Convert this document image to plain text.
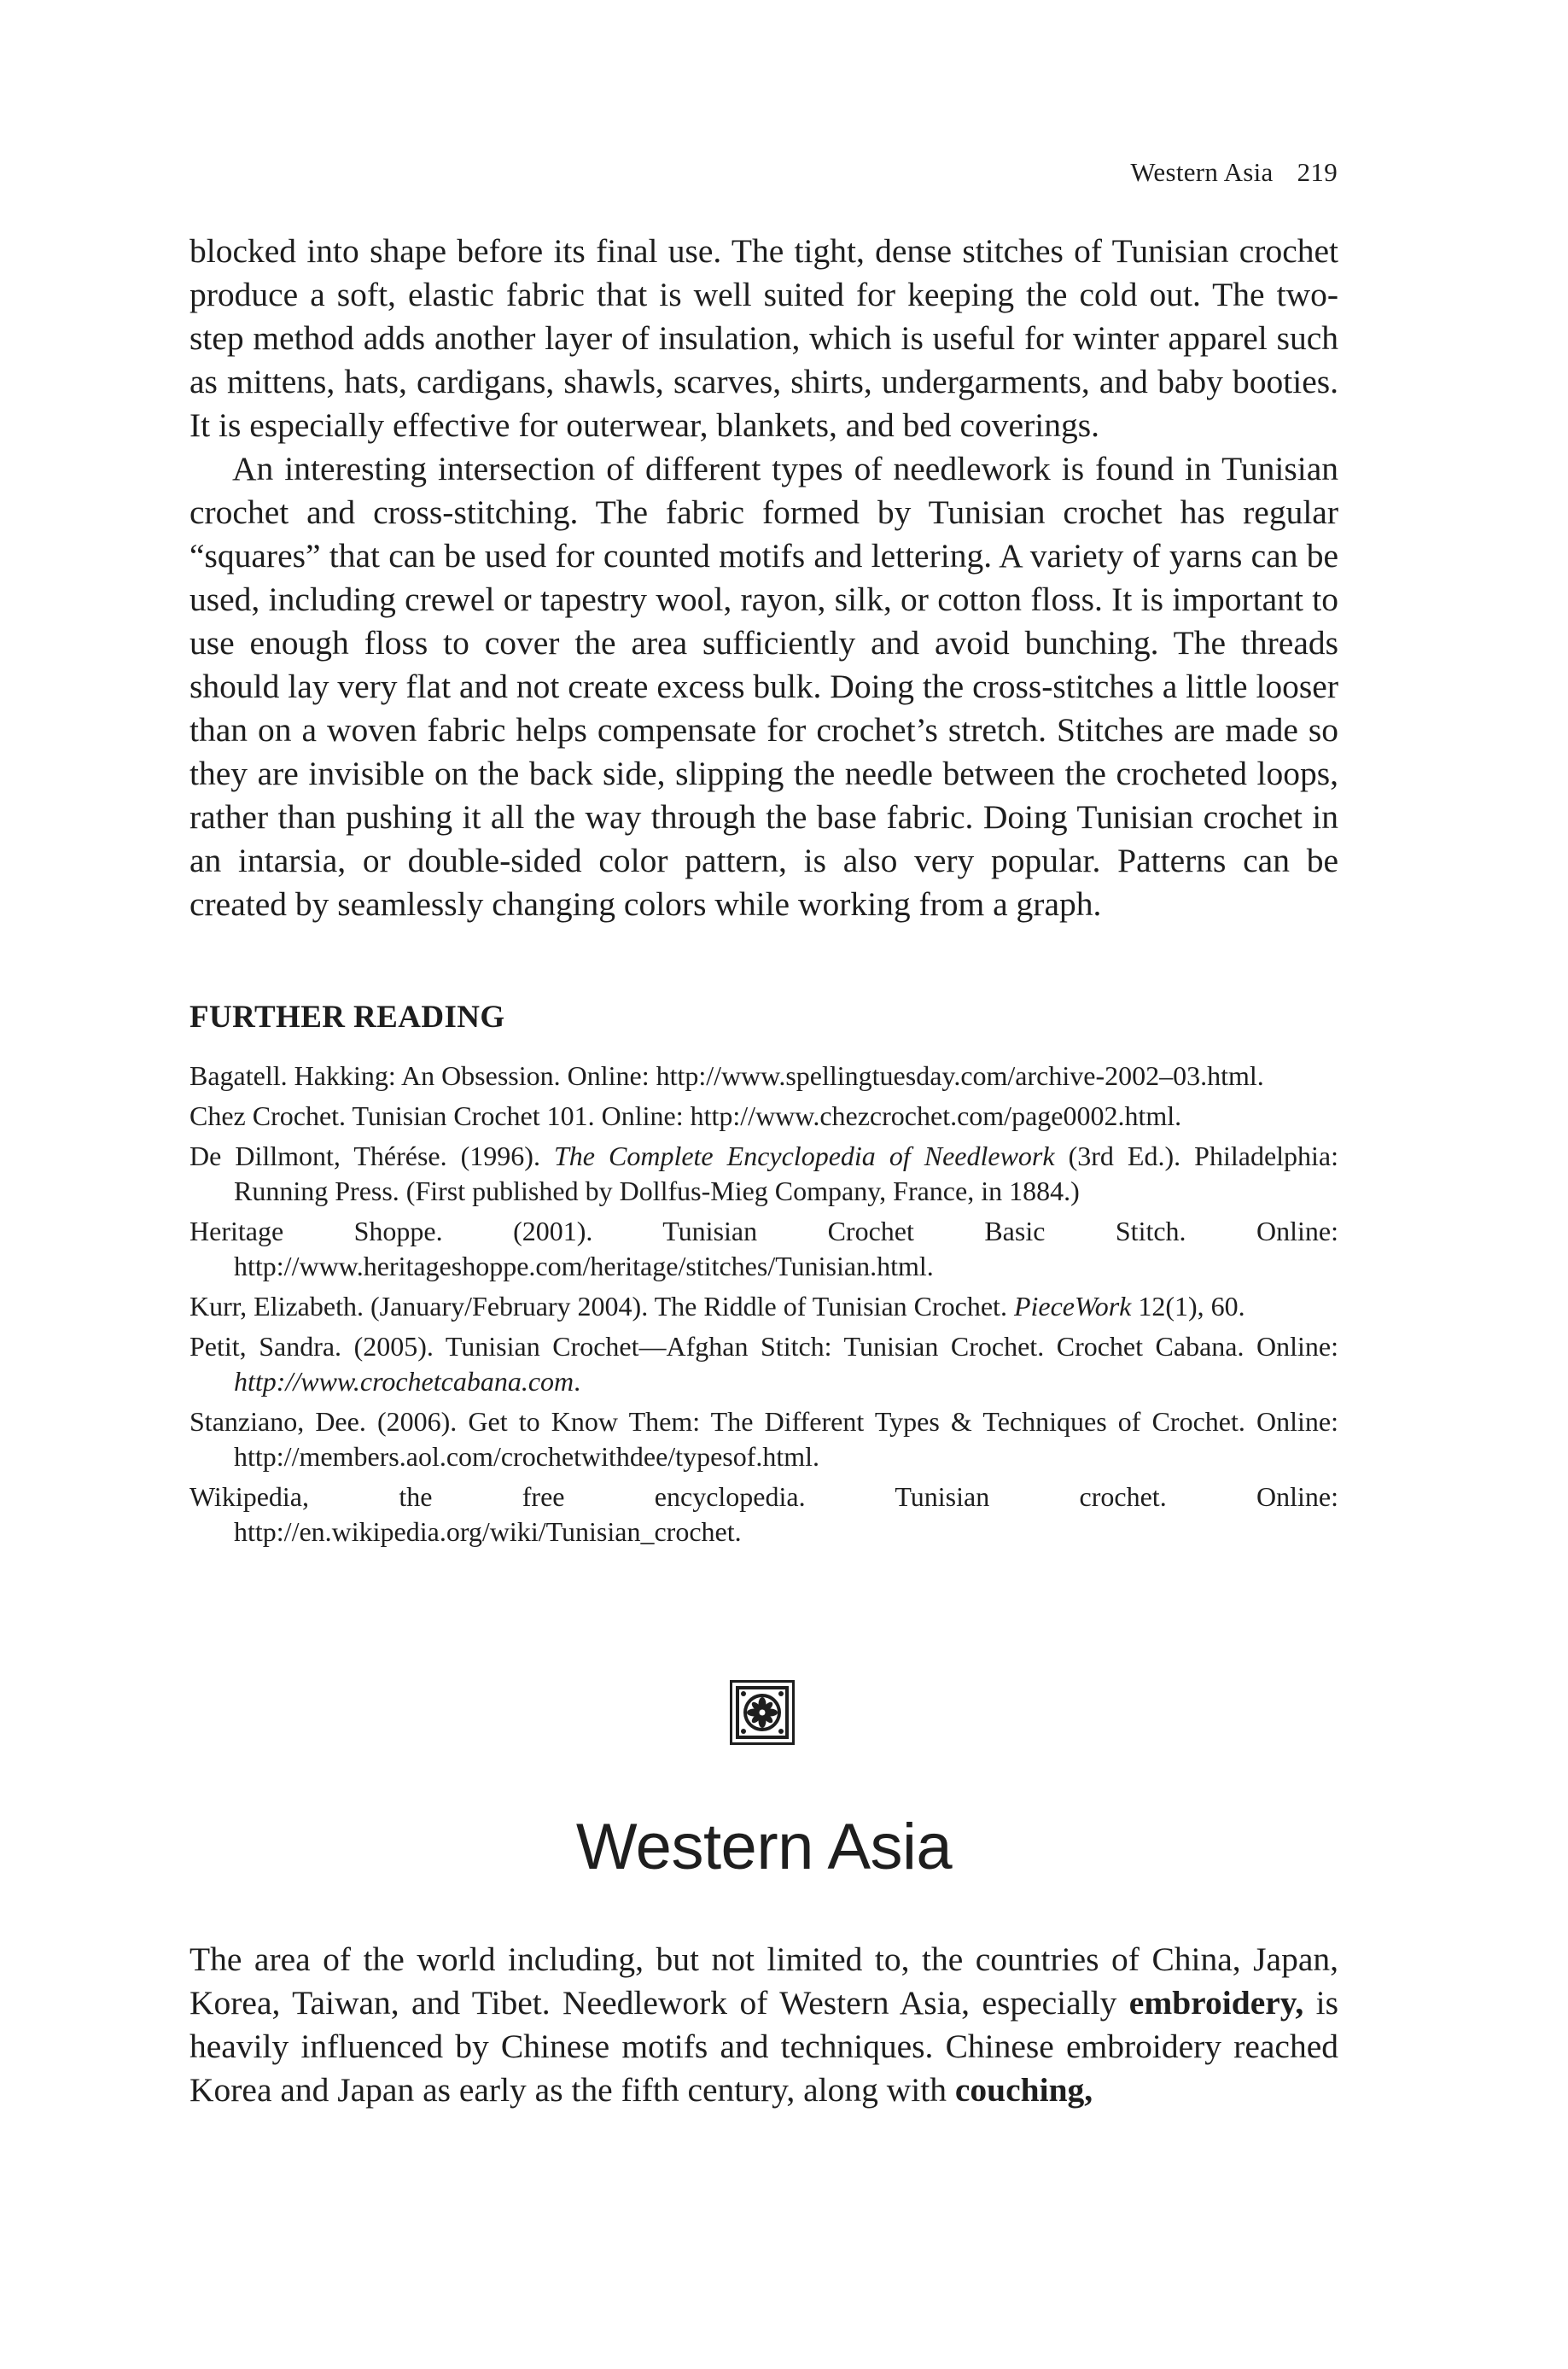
Western Asia 219

blocked into shape before its final use. The tight, dense stitches of Tunisian crochet produce a soft, elastic fabric that is well suited for keeping the cold out. The two-step method adds another layer of insulation, which is useful for winter apparel such as mittens, hats, cardigans, shawls, scarves, shirts, undergarments, and baby booties. It is especially effective for outerwear, blankets, and bed coverings.

An interesting intersection of different types of needlework is found in Tunisian crochet and cross-stitching. The fabric formed by Tunisian crochet has regular “squares” that can be used for counted motifs and lettering. A variety of yarns can be used, including crewel or tapestry wool, rayon, silk, or cotton floss. It is important to use enough floss to cover the area sufficiently and avoid bunching. The threads should lay very flat and not create excess bulk. Doing the cross-stitches a little looser than on a woven fabric helps compensate for crochet’s stretch. Stitches are made so they are invisible on the back side, slipping the needle between the crocheted loops, rather than pushing it all the way through the base fabric. Doing Tunisian crochet in an intarsia, or double-sided color pattern, is also very popular. Patterns can be created by seamlessly changing colors while working from a graph.

FURTHER READING

Bagatell. Hakking: An Obsession. Online: http://www.spellingtuesday.com/archive-2002–03.html.

Chez Crochet. Tunisian Crochet 101. Online: http://www.chezcrochet.com/page0002.html.

De Dillmont, Thérése. (1996). The Complete Encyclopedia of Needlework (3rd Ed.). Philadelphia: Running Press. (First published by Dollfus-Mieg Company, France, in 1884.)

Heritage Shoppe. (2001). Tunisian Crochet Basic Stitch. Online: http://www.heritageshoppe.com/heritage/stitches/Tunisian.html.

Kurr, Elizabeth. (January/February 2004). The Riddle of Tunisian Crochet. PieceWork 12(1), 60.

Petit, Sandra. (2005). Tunisian Crochet—Afghan Stitch: Tunisian Crochet. Crochet Cabana. Online: http://www.crochetcabana.com.

Stanziano, Dee. (2006). Get to Know Them: The Different Types & Techniques of Crochet. Online: http://members.aol.com/crochetwithdee/typesof.html.

Wikipedia, the free encyclopedia. Tunisian crochet. Online: http://en.wikipedia.org/wiki/Tunisian_crochet.

Western Asia

The area of the world including, but not limited to, the countries of China, Japan, Korea, Taiwan, and Tibet. Needlework of Western Asia, especially embroidery, is heavily influenced by Chinese motifs and techniques. Chinese embroidery reached Korea and Japan as early as the fifth century, along with couching,
